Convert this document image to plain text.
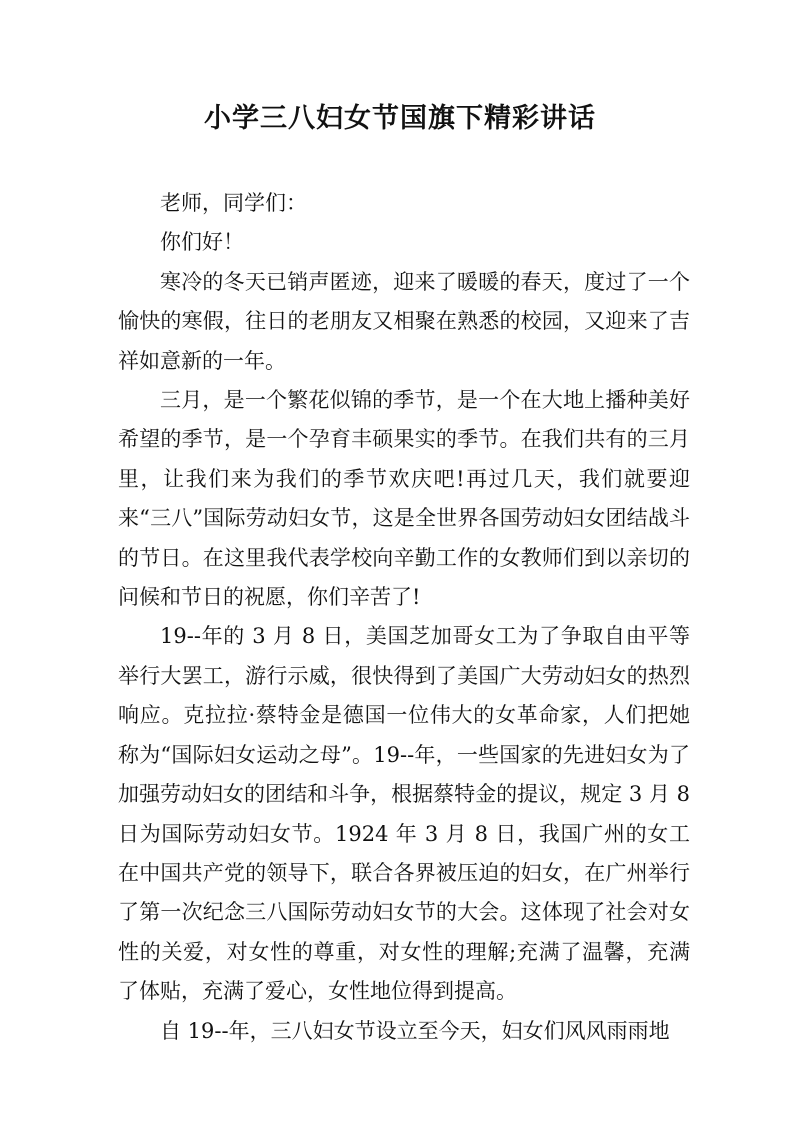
小学三八妇女节国旗下精彩讲话

老师，同学们：

你们好！

寒冷的冬天已销声匿迹，迎来了暖暖的春天，度过了一个愉快的寒假，往日的老朋友又相聚在熟悉的校园，又迎来了吉祥如意新的一年。

三月，是一个繁花似锦的季节，是一个在大地上播种美好希望的季节，是一个孕育丰硕果实的季节。在我们共有的三月里，让我们来为我们的季节欢庆吧!再过几天，我们就要迎来“三八”国际劳动妇女节，这是全世界各国劳动妇女团结战斗的节日。在这里我代表学校向辛勤工作的女教师们到以亲切的问候和节日的祝愿，你们辛苦了!

19--年的 3 月 8 日，美国芝加哥女工为了争取自由平等举行大罢工，游行示威，很快得到了美国广大劳动妇女的热烈响应。克拉拉·蔡特金是德国一位伟大的女革命家，人们把她称为“国际妇女运动之母”。19--年，一些国家的先进妇女为了加强劳动妇女的团结和斗争，根据蔡特金的提议，规定 3 月 8 日为国际劳动妇女节。1924 年 3 月 8 日，我国广州的女工在中国共产党的领导下，联合各界被压迫的妇女，在广州举行了第一次纪念三八国际劳动妇女节的大会。这体现了社会对女性的关爱，对女性的尊重，对女性的理解;充满了温馨，充满了体贴，充满了爱心，女性地位得到提高。

自 19--年，三八妇女节设立至今天，妇女们风风雨雨地
